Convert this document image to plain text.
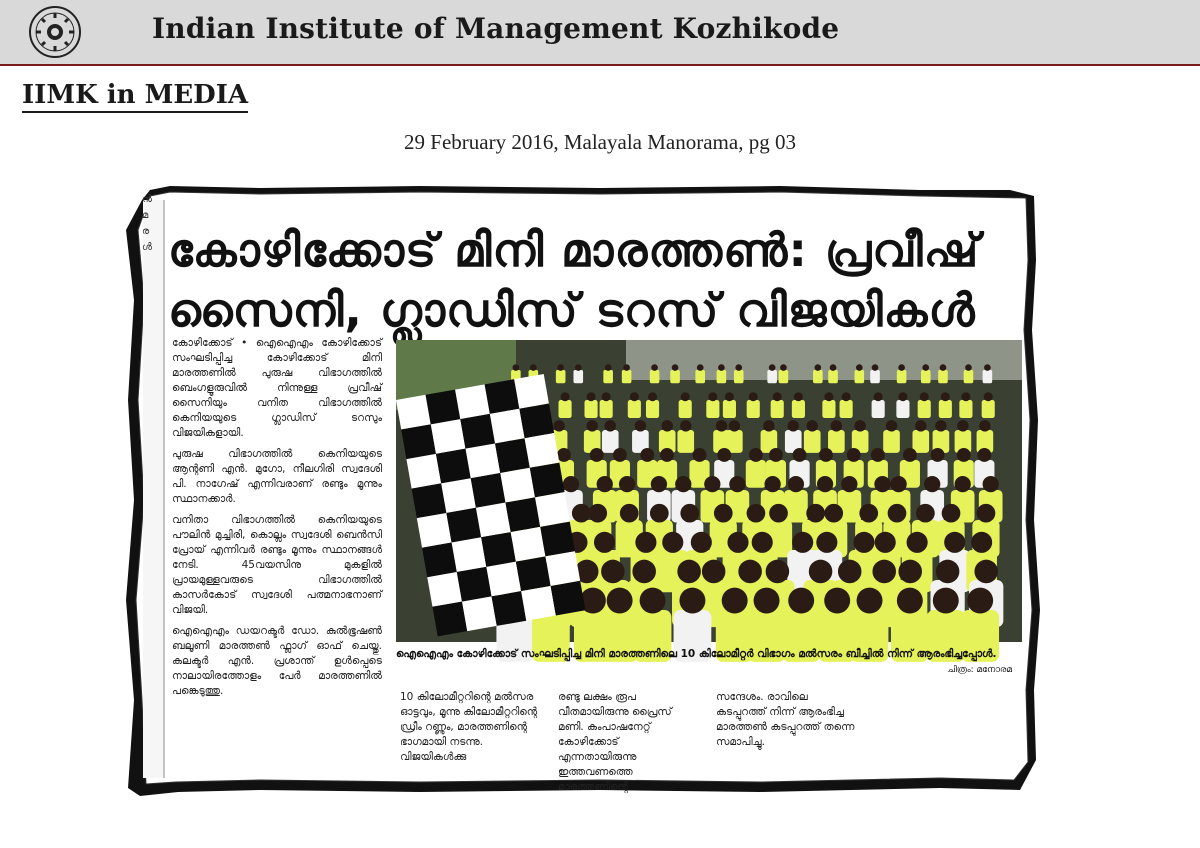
Indian Institute of Management Kozhikode
IIMK in MEDIA
29 February 2016, Malayala Manorama, pg 03
ൻ
മ
ര
ൾ കോഴിക്കോട് മിനി മാരത്തൺ: പ്രവീഷ്
സൈനി, ഗ്ലാഡിസ് ടറസ് വിജയികൾ

കോഴിക്കോട് • ഐഐഎം കോഴിക്കോട് സംഘടിപ്പിച്ച കോഴിക്കോട് മിനി മാരത്തണിൽ പുരുഷ വിഭാഗത്തിൽ ബെംഗളൂരുവിൽ നിന്നുള്ള പ്രവീഷ് സൈനിയും വനിത വിഭാഗത്തിൽ കെനിയയുടെ ഗ്ലാഡിസ് ടറസും വിജയികളായി.

പുരുഷ വിഭാഗത്തിൽ കെനിയയുടെ ആന്റണി എൻ. മുഗോ, നീലഗിരി സ്വദേശി പി. നാഗേഷ് എന്നിവരാണ് രണ്ടും മൂന്നും സ്ഥാനക്കാർ.

വനിതാ വിഭാഗത്തിൽ കെനിയയുടെ പൗലിൻ മുച്ചിരി, കൊല്ലം സ്വദേശി ബെൻസി പ്രോയ് എന്നിവർ രണ്ടും മൂന്നും സ്ഥാനങ്ങൾ നേടി. 45വയസിനു മുകളിൽ പ്രായമുള്ളവരുടെ വിഭാഗത്തിൽ കാസർകോട് സ്വദേശി പത്മനാഭനാണ് വിജയി.

ഐഐഎം ഡയറക്ടർ ഡോ. കുൽഭൂഷൺ ബലൂണി മാരത്തൺ ഫ്ലാഗ് ഓഫ് ചെയ്തു. കലക്ടർ എൻ. പ്രശാന്ത് ഉൾപ്പെടെ നാലായിരത്തോളം പേർ മാരത്തണിൽ പങ്കെടുത്തു.

ഐഐഎം കോഴിക്കോട് സംഘടിപ്പിച്ച മിനി മാരത്തണിലെ 10 കിലോമീറ്റർ വിഭാഗം മൽസരം ബീച്ചിൽ നിന്ന് ആരംഭിച്ചപ്പോൾ.
ചിത്രം: മനോരമ
10 കിലോമീറ്ററിന്റെ മൽസര ഓട്ടവും, മൂന്നു കിലോമീറ്ററിന്റെ ഡ്രീം റണ്ണും, മാരത്തണിന്റെ ഭാഗമായി നടന്നു. വിജയികൾക്കു
രണ്ടു ലക്ഷം രൂപ വീതമായിരുന്നു പ്രൈസ് മണി. കംപാഷനേറ്റ് കോഴിക്കോട് എന്നതായിരുന്നു ഇത്തവണത്തെ മാരത്തണിന്റെ
സന്ദേശം. രാവിലെ കടപ്പുറത്ത് നിന്ന് ആരംഭിച്ച മാരത്തൺ കടപ്പുറത്ത് തന്നെ സമാപിച്ചു.
